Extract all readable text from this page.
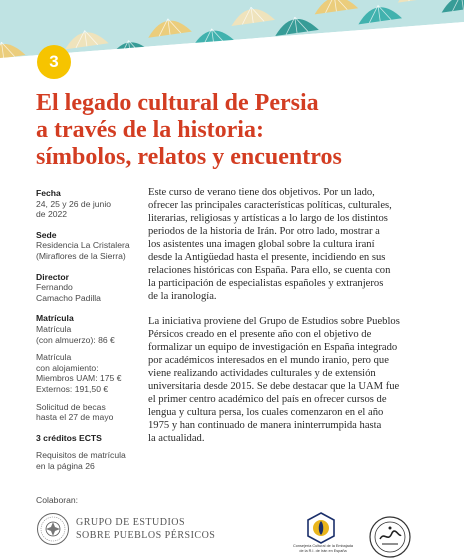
3
El legado cultural de Persia
a través de la historia:
símbolos, relatos y encuentros
Fecha
24, 25 y 26 de junio
de 2022
Sede
Residencia La Cristalera
(Miraflores de la Sierra)
Director
Fernando
Camacho Padilla
Matrícula
Matrícula
(con almuerzo): 86 €
Matrícula
con alojamiento:
Miembros UAM: 175 €
Externos: 191,50 €
Solicitud de becas
hasta el 27 de mayo
3 créditos ECTS
Requisitos de matrícula
en la página 26

Este curso de verano tiene dos objetivos. Por un lado,
ofrecer las principales características políticas, culturales,
literarias, religiosas y artísticas a lo largo de los distintos
periodos de la historia de Irán. Por otro lado, mostrar a
los asistentes una imagen global sobre la cultura iraní
desde la Antigüedad hasta el presente, incidiendo en sus
relaciones históricas con España. Para ello, se cuenta con
la participación de especialistas españoles y extranjeros
de la iranología.

La iniciativa proviene del Grupo de Estudios sobre Pueblos
Pérsicos creado en el presente año con el objetivo de
formalizar un equipo de investigación en España integrado
por académicos interesados en el mundo iranio, pero que
viene realizando actividades culturales y de extensión
universitaria desde 2015. Se debe destacar que la UAM fue
el primer centro académico del país en ofrecer cursos de
lengua y cultura persa, los cuales comenzaron en el año
1975 y han continuado de manera ininterrumpida hasta
la actualidad.

Colaboran:
GRUPO DE ESTUDIOS
SOBRE PUEBLOS PÉRSICOS
Consejería Cultural de la Embajada
de la R.I. de Irán en España
